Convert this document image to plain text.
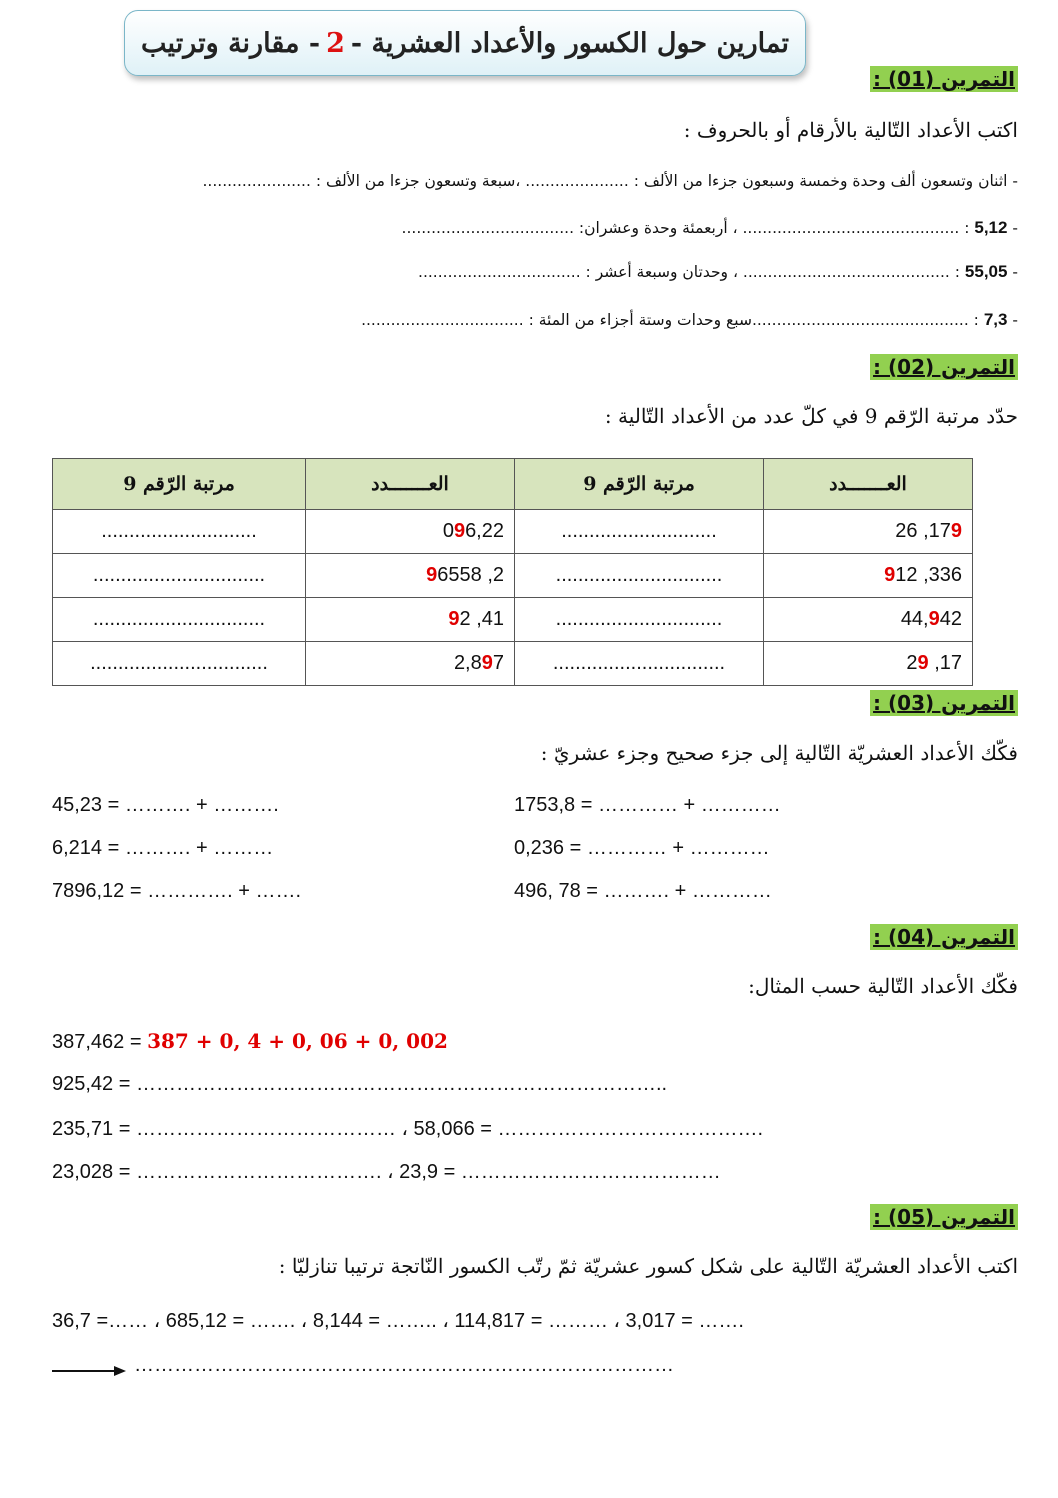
تمارين حول الكسور والأعداد العشرية -
2
- مقارنة وترتيب
التمرين (01) :
اكتب الأعداد التّالية بالأرقام أو بالحروف :
- اثنان وتسعون ألف وحدة وخمسة وسبعون جزءا من الألف : ..................... ،سبعة وتسعون جزءا من الألف : ......................
- 5,12 : ............................................ ، أربعمئة وحدة وعشران: ...................................
- 55,05 : .......................................... ، وحدتان وسبعة أعشر : .................................
- 7,3 : ............................................سبع وحدات وستة أجزاء من المئة : .................................
التمرين (02) :
حدّد مرتبة الرّقم 9 في كلّ عدد من الأعداد التّالية :
العـــــــدد	مرتبة الرّقم 9	العـــــــدد	مرتبة الرّقم 9
26 ,179	............................	096,22	............................
912 ,336	..............................	96558 ,2	...............................
44,942	..............................	92 ,41	...............................
29 ,17	...............................	2,897	................................
التمرين (03) :
فكّك الأعداد العشريّة التّالية إلى جزء صحيح وجزء عشريّ :
45,23 = ………. + ……….
6,214 = ………. + ………
7896,12 = …………. + …….
1753,8 = ………… + …………
0,236 = ………… + …………
496, 78 = ………. + …………
التمرين (04) :
فكّك الأعداد التّالية حسب المثال:
387,462 = 387 + 0, 4 + 0, 06 + 0, 002
925,42 = ……………………………………………………………………..
235,71 = ………………………………… ، 58,066 = ………………………………….
23,028 = ………………………………. ، 23,9 = …………………………………
التمرين (05) :
اكتب الأعداد العشريّة التّالية على شكل كسور عشريّة ثمّ رتّب الكسور النّاتجة ترتيبا تنازليّا :
36,7 =…… ، 685,12 = ……. ، 8,144 = …….. ، 114,817 = ……… ، 3,017 = …….
………………………………………………………………………
